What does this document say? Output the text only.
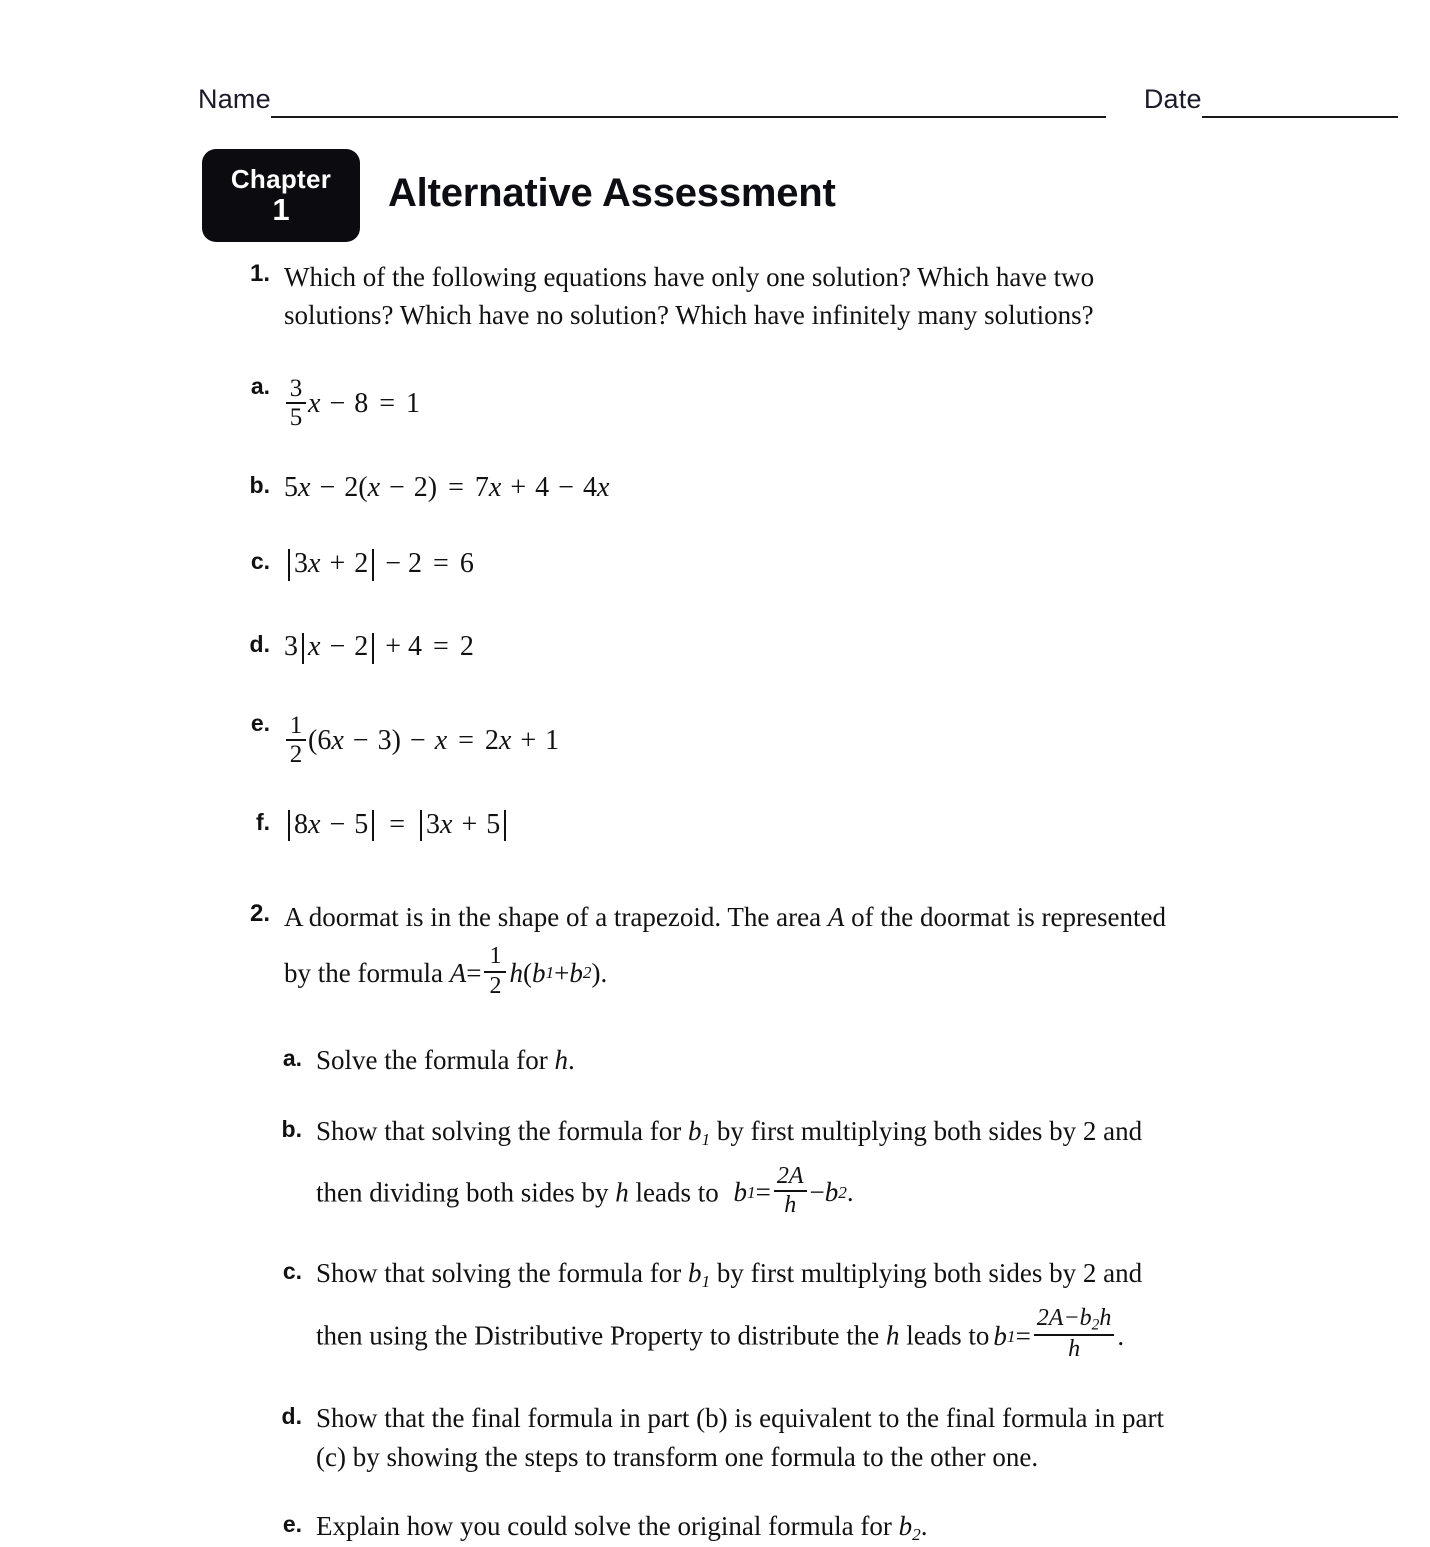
Name	Date
Chapter
1 Alternative Assessment
1. Which of the following equations have only one solution? Which have two

solutions? Which have no solution? Which have infinitely many solutions?

a. $\frac{3}{5}$ x − 8 = 1
b. 5 x − 2( x − 2) = 7 x + 4 − 4 x
c. 3 x + 2 − 2 = 6
d. 3 x − 2 + 4 = 2
e. $\frac{1}{2} (6$ x − 3) − x = 2 x + 1
f. 8 x − 5 = 3 x + 5
2. A doormat is in the shape of a trapezoid. The area A of the doormat is represented

by the formula $A = \frac{1}{2}$ h ( b 1 + b 2 ).

a. Solve the formula for h.

b. Show that solving the formula for $b_1$ by first multiplying both sides by 2 and

then dividing both sides by h leads to b $1 = \frac{2A}{h} - b$ 2 .

c. Show that solving the formula for $b_1$ by first multiplying both sides by 2 and

then using the Distributive Property to distribute the h leads to b $1 = \frac{2A-b_2h}{h}$ .

d. Show that the final formula in part (b) is equivalent to the final formula in part

(c) by showing the steps to transform one formula to the other one.

e. Explain how you could solve the original formula for $b_2$.
